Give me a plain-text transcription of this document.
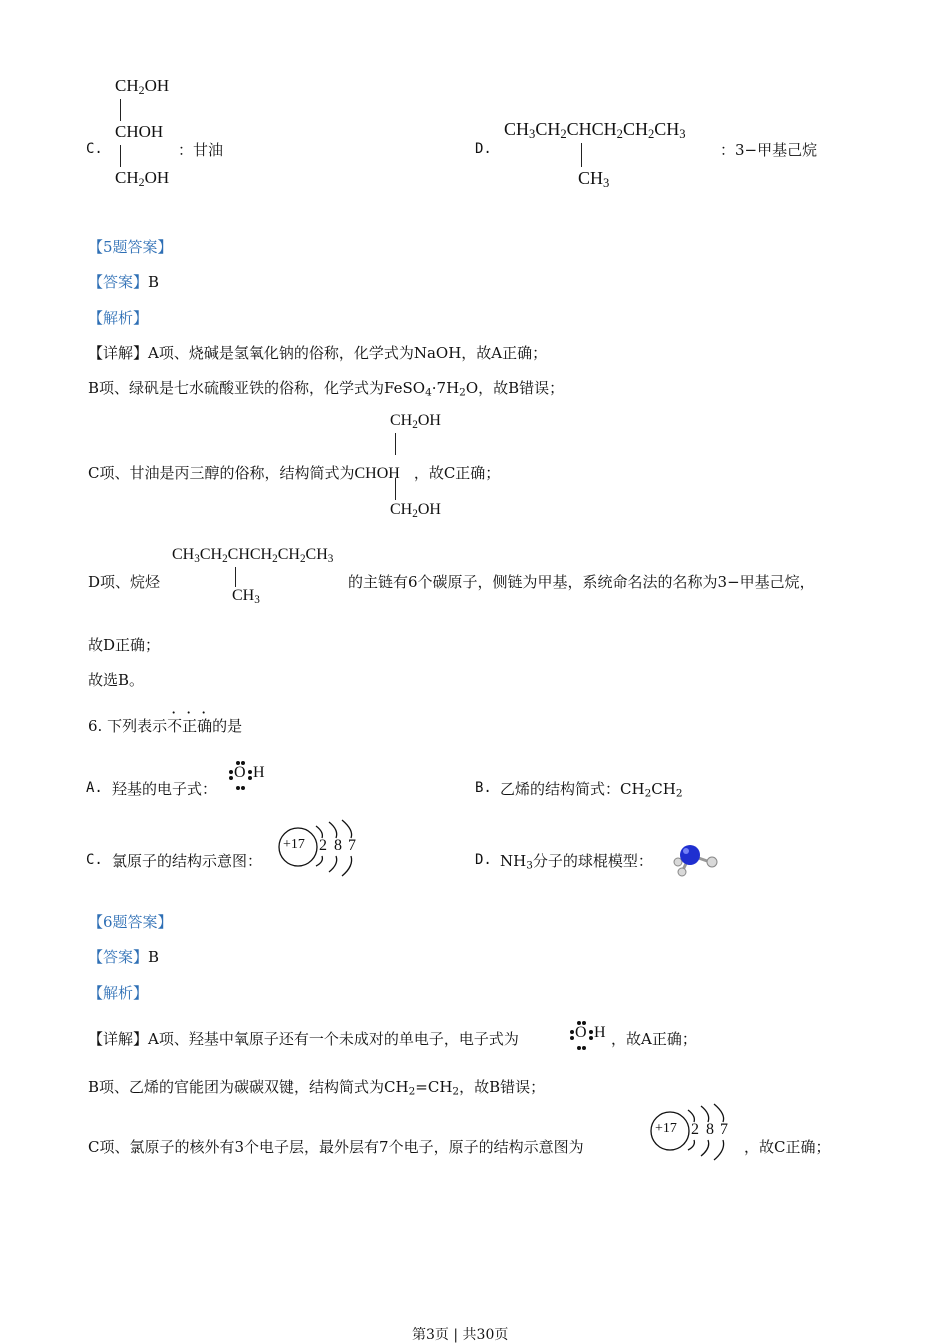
$CH_2OH$
C.
CHOH
$CH_2OH$
：甘油	D.
$CH_3CH_2CHCH_2CH_2CH_3$
$CH_3$
：3−甲基己烷
【5题答案】
【答案】B
【解析】
【详解】A项、烧碱是氢氧化钠的俗称，化学式为NaOH，故A正确；
B项、绿矾是七水硫酸亚铁的俗称，化学式为$FeSO_4\cdot 7H_2O$，故B错误；
$CH_2OH$
C项、甘油是丙三醇的俗称，结构简式为CHOH ，故C正确；
$CH_2OH$
$CH_3CH_2CHCH_2CH_2CH_3$
$CH_3$
D项、烷烃	的主链有6个碳原子，侧链为甲基，系统命名法的名称为3−甲基己烷，
故D正确；
故选B。
6. 下列表示不正确的是
A. 羟基的电子式：
O H
B. 乙烯的结构简式：$CH_2CH_2$
C. 氯原子的结构示意图：
+17 2 8 7
D. $NH_3$分子的球棍模型：
【6题答案】
【答案】B
【解析】
【详解】A项、羟基中氧原子还有一个未成对的单电子，电子式为	O H ，故A正确；
B项、乙烯的官能团为碳碳双键，结构简式为$CH_2=CH_2$，故B错误；
C项、氯原子的核外有3个电子层，最外层有7个电子，原子的结构示意图为
+17 2 8 7
，故C正确；
第3页 | 共30页
